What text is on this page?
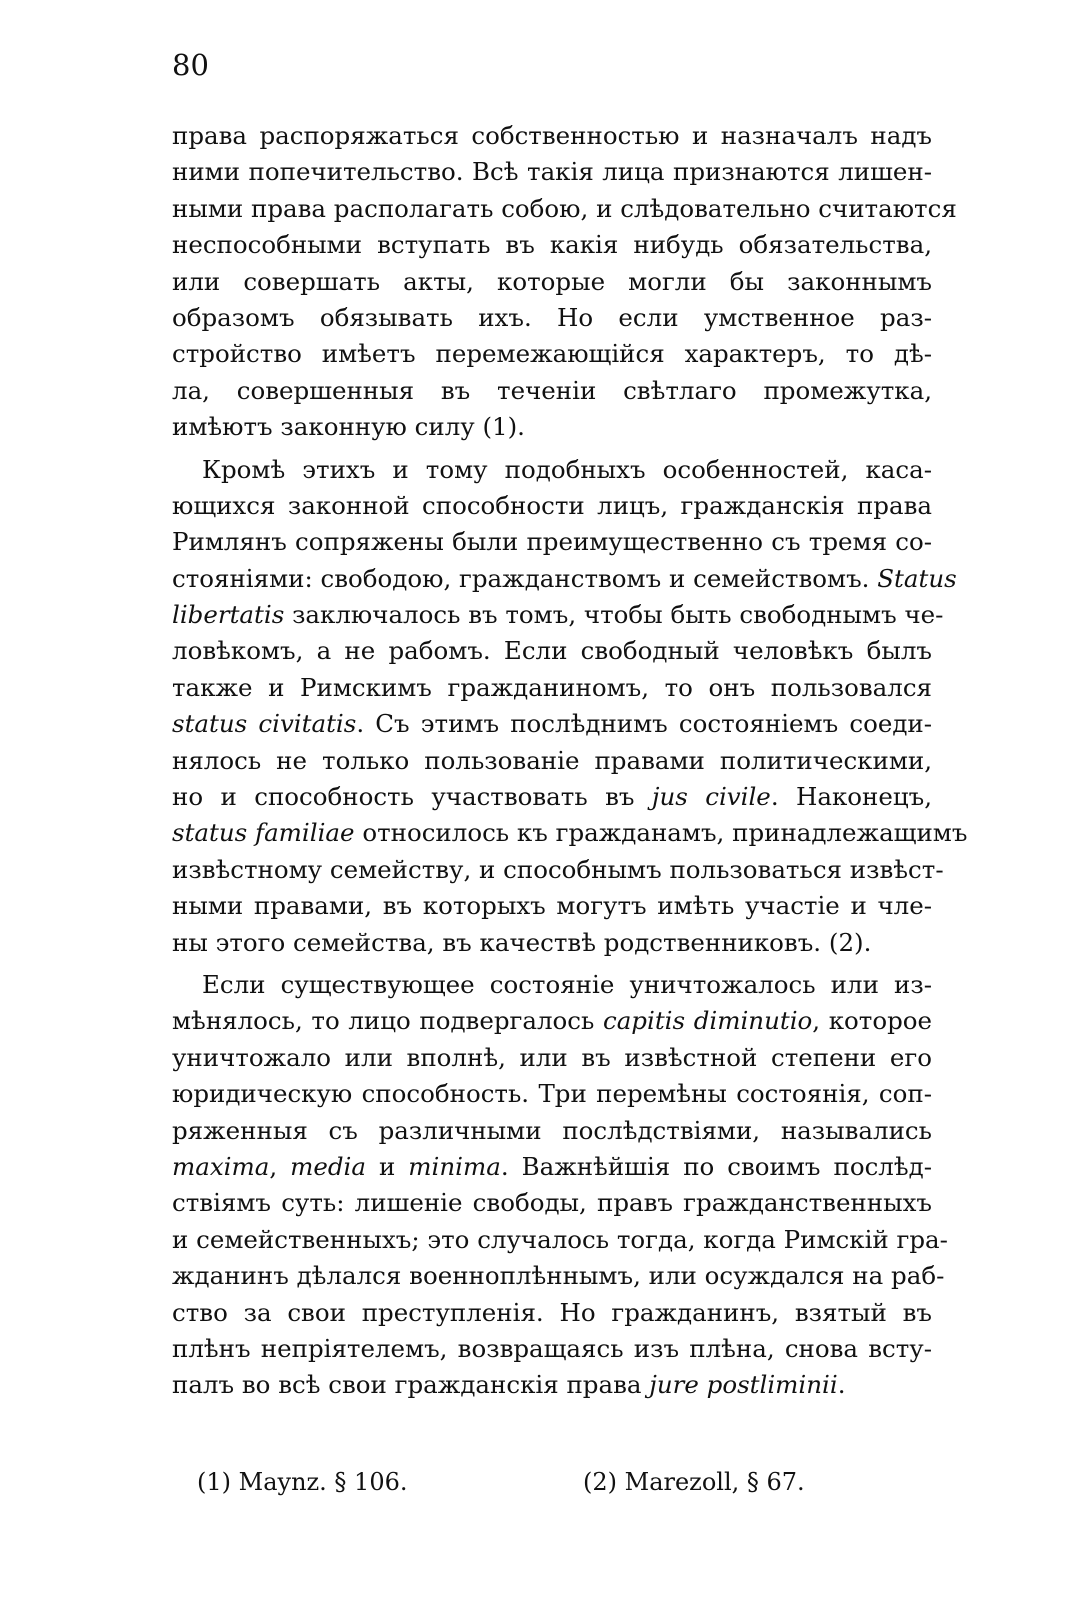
80
права распоряжаться собственностью и назначалъ надъ
ними попечительство. Всѣ такія лица признаются лишен-
ными права располагать собою, и слѣдовательно считаются
неспособными вступать въ какія нибудь обязательства,
или совершать акты, которые могли бы законнымъ
образомъ обязывать ихъ. Но если умственное раз-
стройство имѣетъ перемежающійся характеръ, то дѣ-
ла, совершенныя въ теченіи свѣтлаго промежутка,
имѣютъ законную силу (1).
Кромѣ этихъ и тому подобныхъ особенностей, каса-
ющихся законной способности лицъ, гражданскія права
Римлянъ сопряжены были преимущественно съ тремя со-
стояніями: свободою, гражданствомъ и семействомъ. Status
libertatis заключалось въ томъ, чтобы быть свободнымъ че-
ловѣкомъ, а не рабомъ. Если свободный человѣкъ былъ
также и Римскимъ гражданиномъ, то онъ пользовался
status civitatis. Съ этимъ послѣднимъ состояніемъ соеди-
нялось не только пользованіе правами политическими,
но и способность участвовать въ jus civile. Наконецъ,
status familiae относилось къ гражданамъ, принадлежащимъ
извѣстному семейству, и способнымъ пользоваться извѣст-
ными правами, въ которыхъ могутъ имѣть участіе и чле-
ны этого семейства, въ качествѣ родственниковъ. (2).
Если существующее состояніе уничтожалось или из-
мѣнялось, то лицо подвергалось capitis diminutio, которое
уничтожало или вполнѣ, или въ извѣстной степени его
юридическую способность. Три перемѣны состоянія, соп-
ряженныя съ различными послѣдствіями, назывались
maxima, media и minima. Важнѣйшія по своимъ послѣд-
ствіямъ суть: лишеніе свободы, правъ гражданственныхъ
и семейственныхъ; это случалось тогда, когда Римскій гра-
жданинъ дѣлался военноплѣннымъ, или осуждался на раб-
ство за свои преступленія. Но гражданинъ, взятый въ
плѣнъ непріятелемъ, возвращаясь изъ плѣна, снова всту-
палъ во всѣ свои гражданскія права jure postliminii.
(1) Maynz. § 106.	(2) Marezoll, § 67.
